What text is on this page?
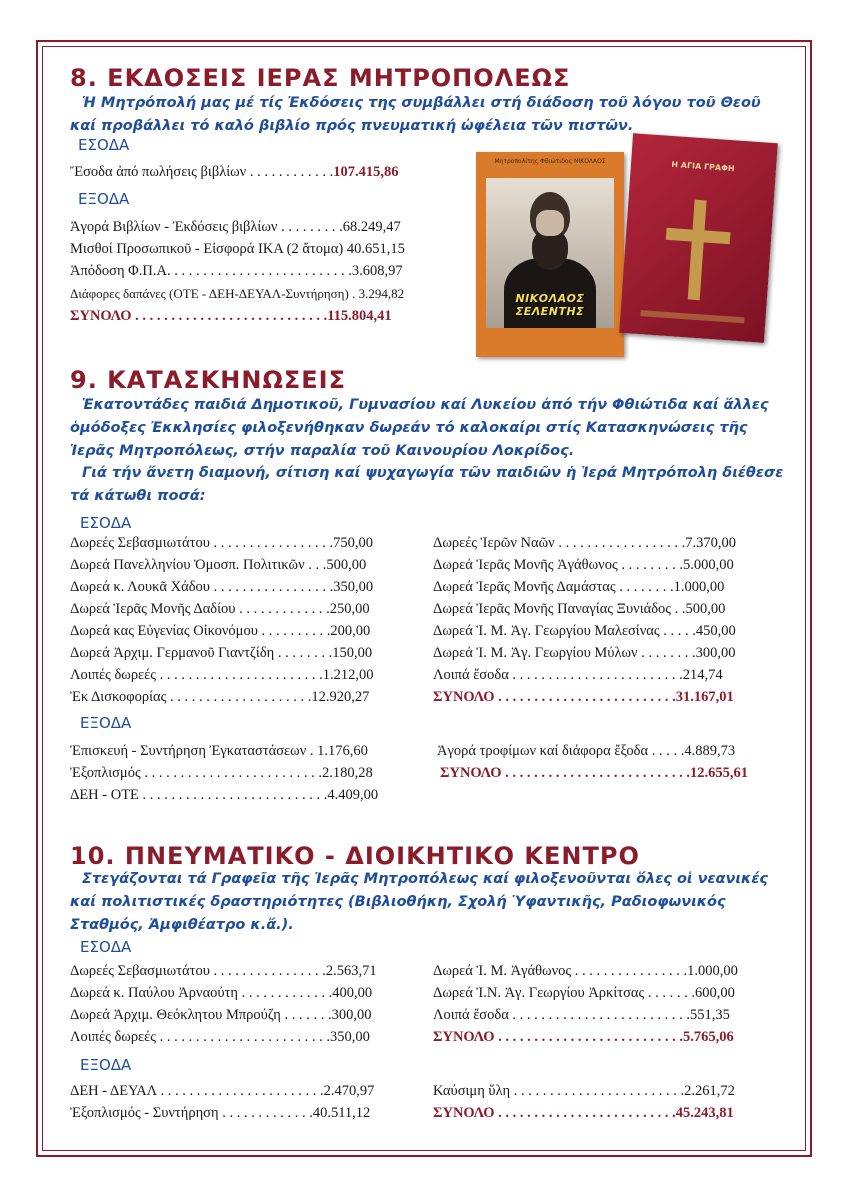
8. ΕΚΔΟΣΕΙΣ ΙΕΡΑΣ ΜΗΤΡΟΠΟΛΕΩΣ
Ἡ Μητρόπολή μας μέ τίς Ἐκδόσεις της συμβάλλει στή διάδοση τοῦ λόγου τοῦ Θεοῦ καί προβάλλει τό καλό βιβλίο πρός πνευματική ὠφέλεια τῶν πιστῶν.
ΕΣΟΔΑ
Ἔσοδα ἀπό πωλήσεις βιβλίων . . . . . . . . . . . .107.415,86
ΕΞΟΔΑ
Ἀγορά Βιβλίων - Ἐκδόσεις βιβλίων . . . . . . . . .68.249,47
Μισθοί Προσωπικοῦ - Εἰσφορά ΙΚΑ (2 ἄτομα) 40.651,15
Ἀπόδοση Φ.Π.Α. . . . . . . . . . . . . . . . . . . . . . . . . .3.608,97
Διάφορες δαπάνες (ΟΤΕ - ΔΕΗ-ΔΕΥΑΛ-Συντήρηση) . 3.294,82
ΣΥΝΟΛΟ . . . . . . . . . . . . . . . . . . . . . . . . . . .115.804,41
Μητροπολίτης Φθιώτιδος ΝΙΚΟΛΑΟΣ
ΝΙΚΟΛΑΟΣ ΣΕΛΕΝΤΗΣ
Η ΑΓΙΑ ΓΡΑΦΗ
9. ΚΑΤΑΣΚΗΝΩΣΕΙΣ
Ἑκατοντάδες παιδιά Δημοτικοῦ, Γυμνασίου καί Λυκείου ἀπό τήν Φθιώτιδα καί ἄλλες ὁμόδοξες Ἐκκλησίες φιλοξενήθηκαν δωρεάν τό καλοκαίρι στίς Κατασκηνώσεις τῆς Ἱερᾶς Μητροπόλεως, στήν παραλία τοῦ Καινουρίου Λοκρίδος.
Γιά τήν ἄνετη διαμονή, σίτιση καί ψυχαγωγία τῶν παιδιῶν ἡ Ἱερά Μητρόπολη διέθεσε τά κάτωθι ποσά:
ΕΣΟΔΑ
Δωρεές Σεβασμιωτάτου . . . . . . . . . . . . . . . . .750,00
Δωρεά Πανελληνίου Ὁμοσπ. Πολιτικῶν . . .500,00
Δωρεά κ. Λουκᾶ Χάδου . . . . . . . . . . . . . . . . .350,00
Δωρεά Ἱερᾶς Μονῆς Δαδίου . . . . . . . . . . . . .250,00
Δωρεά κας Εὐγενίας Οἰκονόμου . . . . . . . . . .200,00
Δωρεά Ἀρχιμ. Γερμανοῦ Γιαντζίδη . . . . . . . .150,00
Λοιπές δωρεές . . . . . . . . . . . . . . . . . . . . . . .1.212,00
Ἐκ Δισκοφορίας . . . . . . . . . . . . . . . . . . . .12.920,27
Δωρεές Ἱερῶν Ναῶν . . . . . . . . . . . . . . . . . .7.370,00
Δωρεά Ἱερᾶς Μονῆς Ἀγάθωνος . . . . . . . . .5.000,00
Δωρεά Ἱερᾶς Μονῆς Δαμάστας . . . . . . . .1.000,00
Δωρεά Ἱερᾶς Μονῆς Παναγίας Ξυνιάδος . .500,00
Δωρεά Ἱ. Μ. Ἁγ. Γεωργίου Μαλεσίνας . . . . .450,00
Δωρεά Ἱ. Μ. Ἁγ. Γεωργίου Μύλων . . . . . . . .300,00
Λοιπά ἔσοδα . . . . . . . . . . . . . . . . . . . . . . . .214,74
ΣΥΝΟΛΟ . . . . . . . . . . . . . . . . . . . . . . . . .31.167,01
ΕΞΟΔΑ
Ἐπισκευή - Συντήρηση Ἐγκαταστάσεων . 1.176,60
Ἐξοπλισμός . . . . . . . . . . . . . . . . . . . . . . . . .2.180,28
ΔΕΗ - ΟΤΕ . . . . . . . . . . . . . . . . . . . . . . . . . .4.409,00
Ἀγορά τροφίμων καί διάφορα ἔξοδα . . . . .4.889,73
ΣΥΝΟΛΟ . . . . . . . . . . . . . . . . . . . . . . . . . .12.655,61
10. ΠΝΕΥΜΑΤΙΚΟ - ΔΙΟΙΚΗΤΙΚΟ ΚΕΝΤΡΟ
Στεγάζονται τά Γραφεῖα τῆς Ἱερᾶς Μητροπόλεως καί φιλοξενοῦνται ὅλες οἱ νεανικές καί πολιτιστικές δραστηριότητες (Βιβλιοθήκη, Σχολή Ὑφαντικῆς, Ραδιοφωνικός Σταθμός, Ἀμφιθέατρο κ.ἄ.).
ΕΣΟΔΑ
Δωρεές Σεβασμιωτάτου . . . . . . . . . . . . . . . .2.563,71
Δωρεά κ. Παύλου Ἀρναούτη . . . . . . . . . . . . .400,00
Δωρεά Ἀρχιμ. Θεόκλητου Μπρούζη . . . . . . .300,00
Λοιπές δωρεές . . . . . . . . . . . . . . . . . . . . . . . .350,00
Δωρεά Ἱ. Μ. Ἀγάθωνος . . . . . . . . . . . . . . . .1.000,00
Δωρεά Ἱ.Ν. Ἁγ. Γεωργίου Ἀρκίτσας . . . . . . .600,00
Λοιπά ἔσοδα . . . . . . . . . . . . . . . . . . . . . . . . .551,35
ΣΥΝΟΛΟ . . . . . . . . . . . . . . . . . . . . . . . . . .5.765,06
ΕΞΟΔΑ
ΔΕΗ - ΔΕΥΑΛ . . . . . . . . . . . . . . . . . . . . . . .2.470,97
Ἐξοπλισμός - Συντήρηση . . . . . . . . . . . . .40.511,12
Καύσιμη ὕλη . . . . . . . . . . . . . . . . . . . . . . . .2.261,72
ΣΥΝΟΛΟ . . . . . . . . . . . . . . . . . . . . . . . . .45.243,81
